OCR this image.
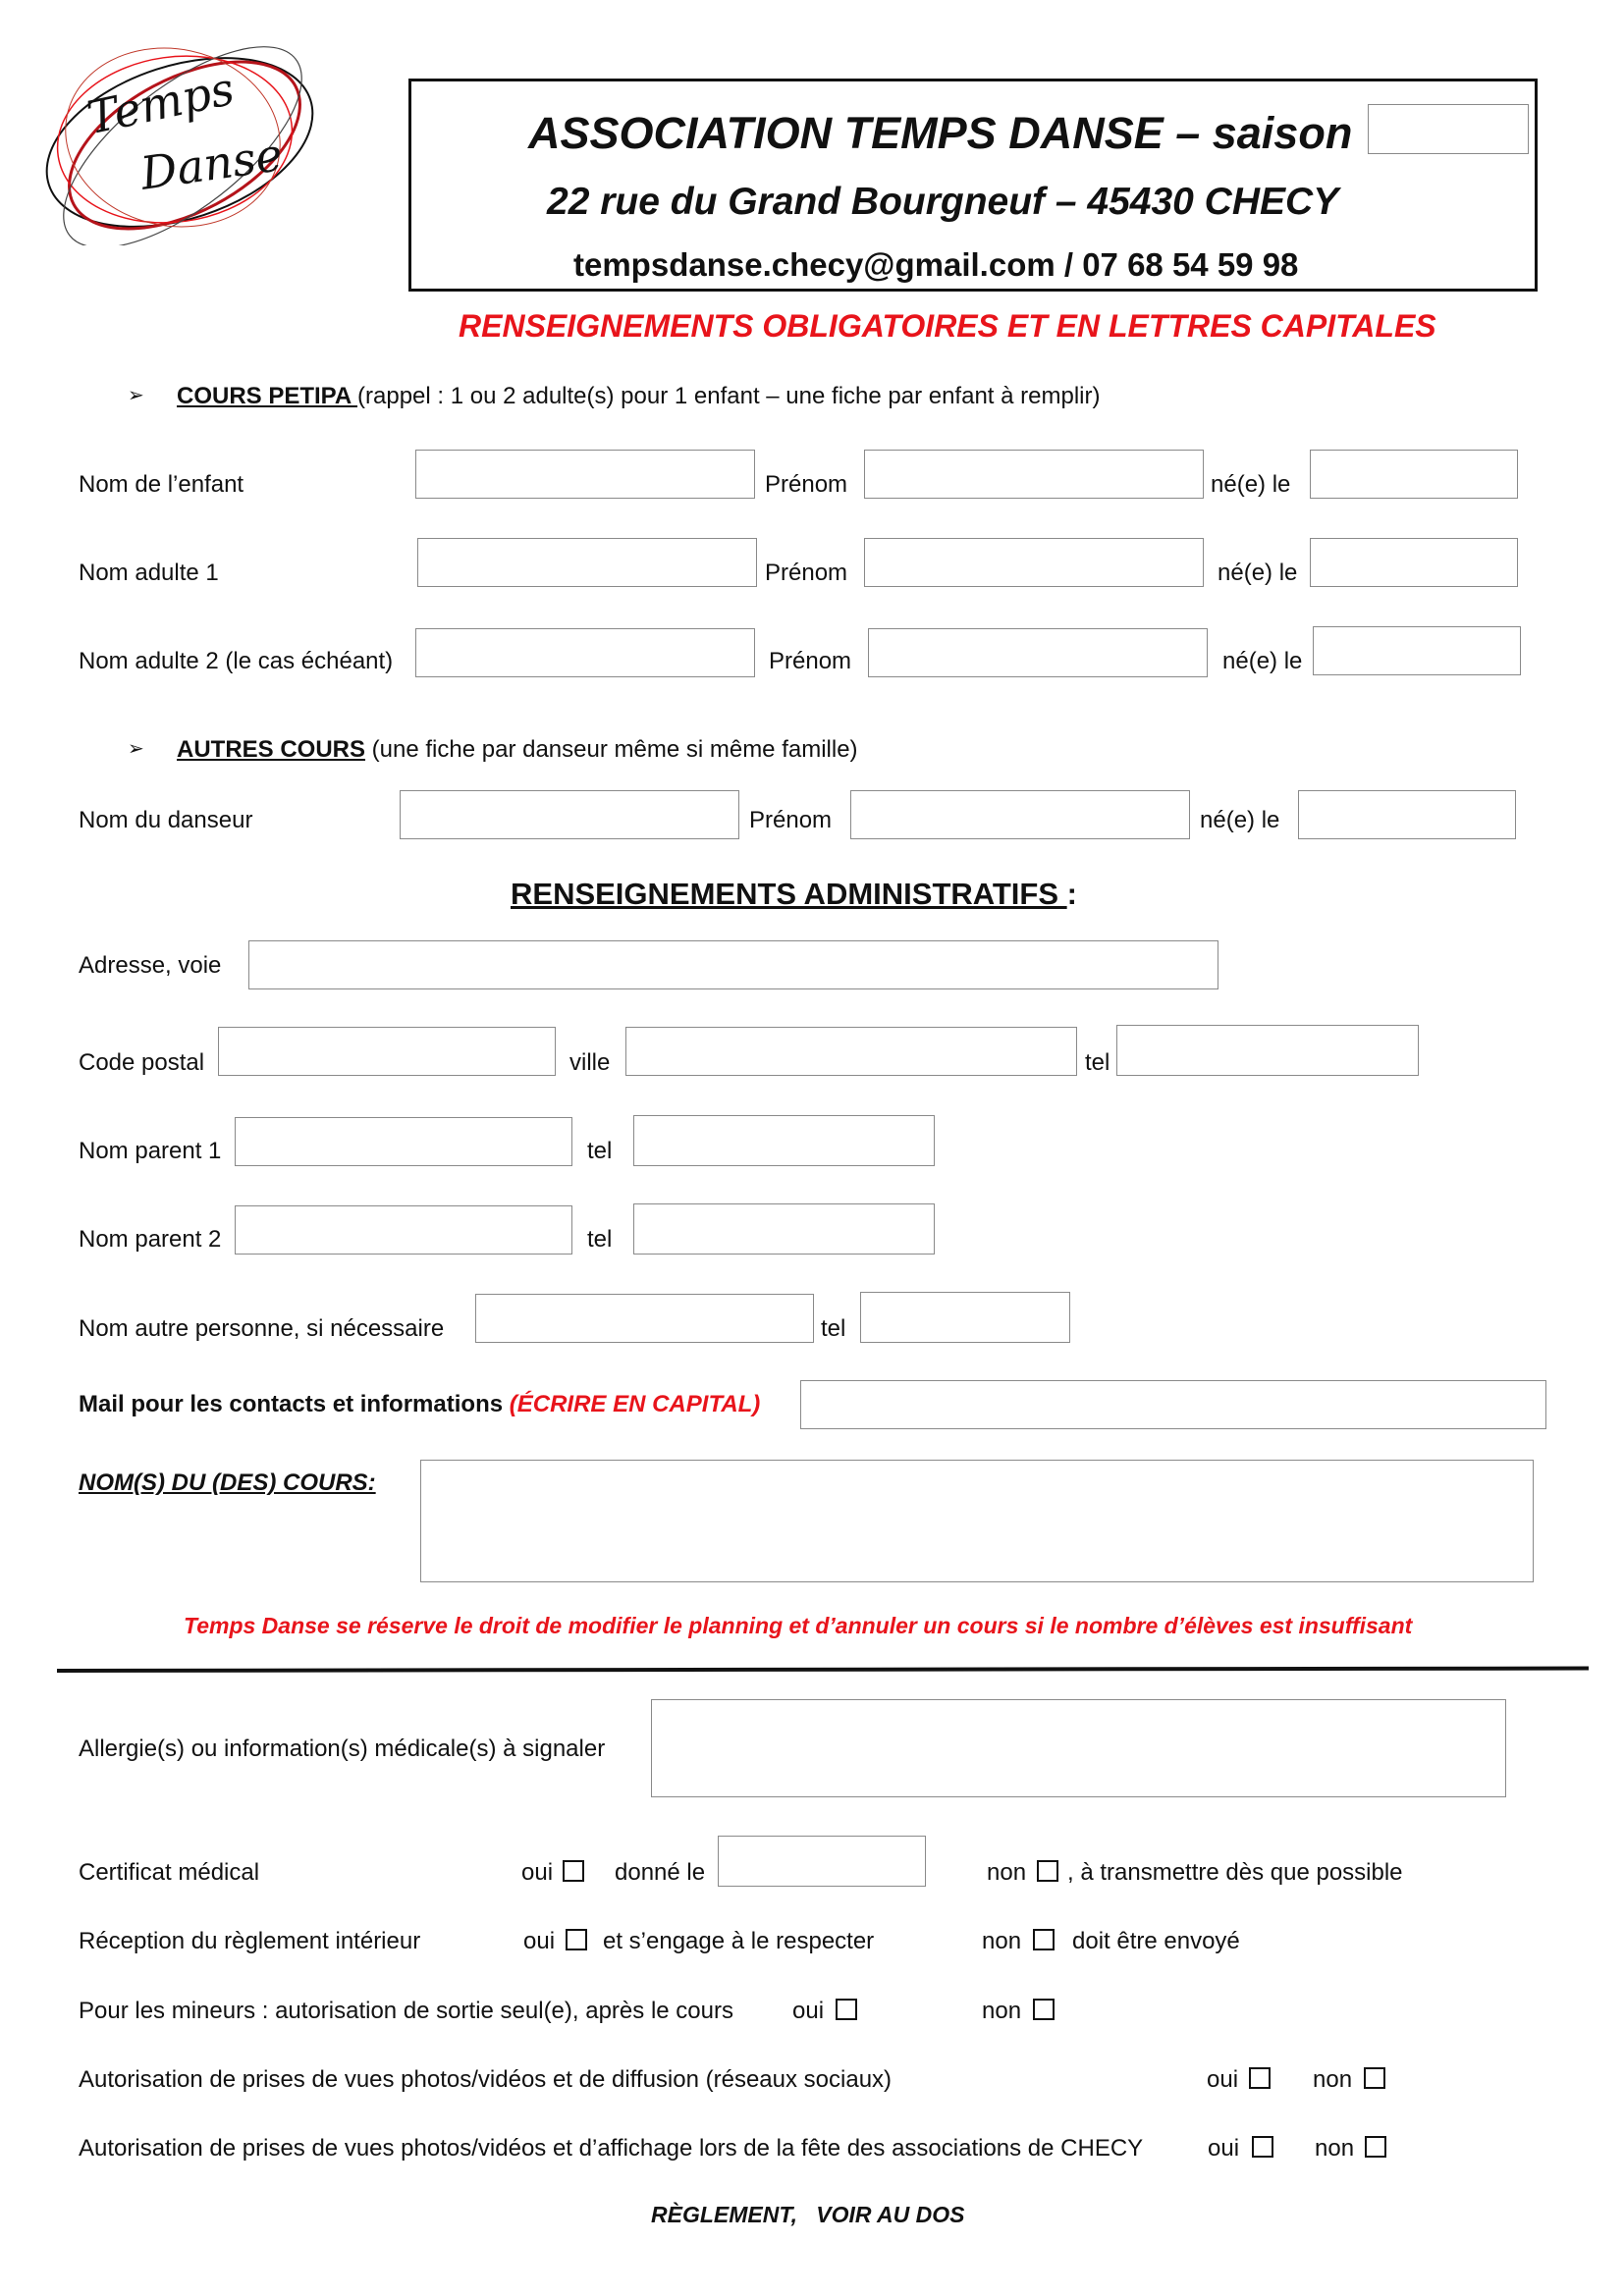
Temps
Danse	ASSOCIATION TEMPS DANSE – saison
22 rue du Grand Bourgneuf – 45430 CHECY
tempsdanse.checy@gmail.com / 07 68 54 59 98
RENSEIGNEMENTS OBLIGATOIRES ET EN LETTRES CAPITALES
➢ COURS PETIPA (rappel : 1 ou 2 adulte(s) pour 1 enfant – une fiche par enfant à remplir)
Nom de l’enfant	Prénom	né(e) le
Nom adulte 1	Prénom	né(e) le
Nom adulte 2 (le cas échéant)	Prénom	né(e) le
➢ AUTRES COURS (une fiche par danseur même si même famille)
Nom du danseur	Prénom	né(e) le
RENSEIGNEMENTS ADMINISTRATIFS :
Adresse, voie
Code postal	ville	tel
Nom parent 1	tel
Nom parent 2	tel
Nom autre personne, si nécessaire	tel
Mail pour les contacts et informations (ÉCRIRE EN CAPITAL)
NOM(S) DU (DES) COURS:
Temps Danse se réserve le droit de modifier le planning et d’annuler un cours si le nombre d’élèves est insuffisant
Allergie(s) ou information(s) médicale(s) à signaler
Certificat médical	oui	donné le	non , à transmettre dès que possible
Réception du règlement intérieur	oui et s’engage à le respecter	non doit être envoyé
Pour les mineurs : autorisation de sortie seul(e), après le cours	oui	non
Autorisation de prises de vues photos/vidéos et de diffusion (réseaux sociaux)	oui	non
Autorisation de prises de vues photos/vidéos et d’affichage lors de la fête des associations de CHECY	oui	non
RÈGLEMENT,   VOIR AU DOS
